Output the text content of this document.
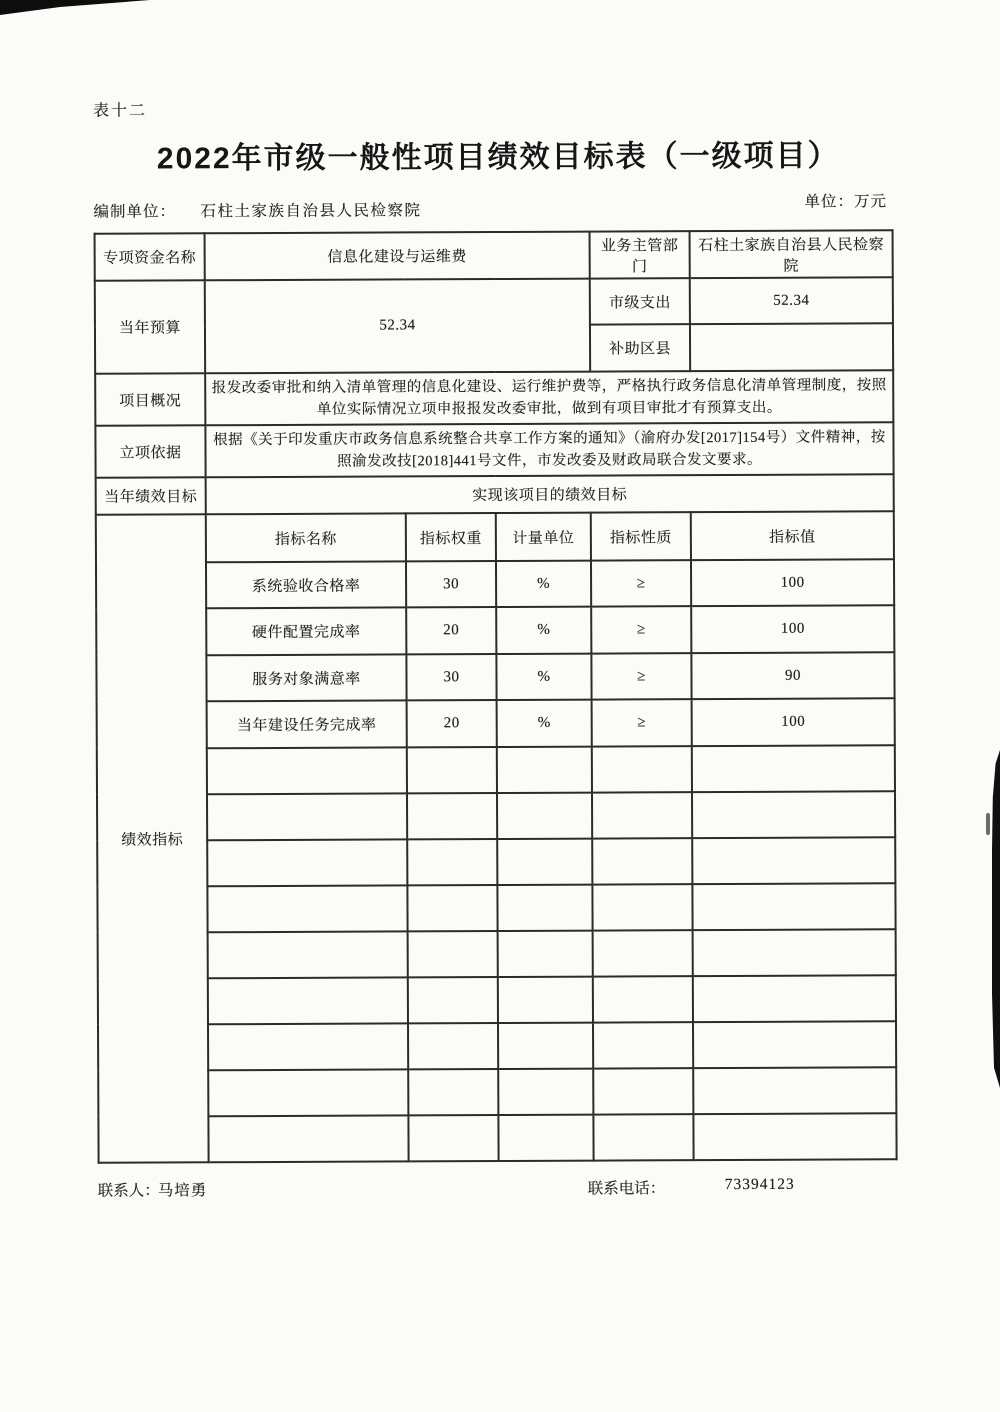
表十二
2022年市级一般性项目绩效目标表（一级项目）
编制单位： 石柱土家族自治县人民检察院
单位：万元
专项资金名称	信息化建设与运维费			业务主管部门	石柱土家族自治县人民检察院
当年预算	52.34			市级支出	52.34
				补助区县	
项目概况	报发改委审批和纳入清单管理的信息化建设、运行维护费等，严格执行政务信息化清单管理制度，按照单位实际情况立项申报报发改委审批，做到有项目审批才有预算支出。				
立项依据	根据《关于印发重庆市政务信息系统整合共享工作方案的通知》（渝府办发[2017]154号）文件精神，按照渝发改技[2018]441号文件，市发改委及财政局联合发文要求。				
当年绩效目标	实现该项目的绩效目标				
绩效指标	指标名称	指标权重	计量单位	指标性质	指标值
	系统验收合格率	30	%	≥	100
	硬件配置完成率	20	%	≥	100
	服务对象满意率	30	%	≥	90
	当年建设任务完成率	20	%	≥	100

联系人：
马培勇	联系电话：	73394123
